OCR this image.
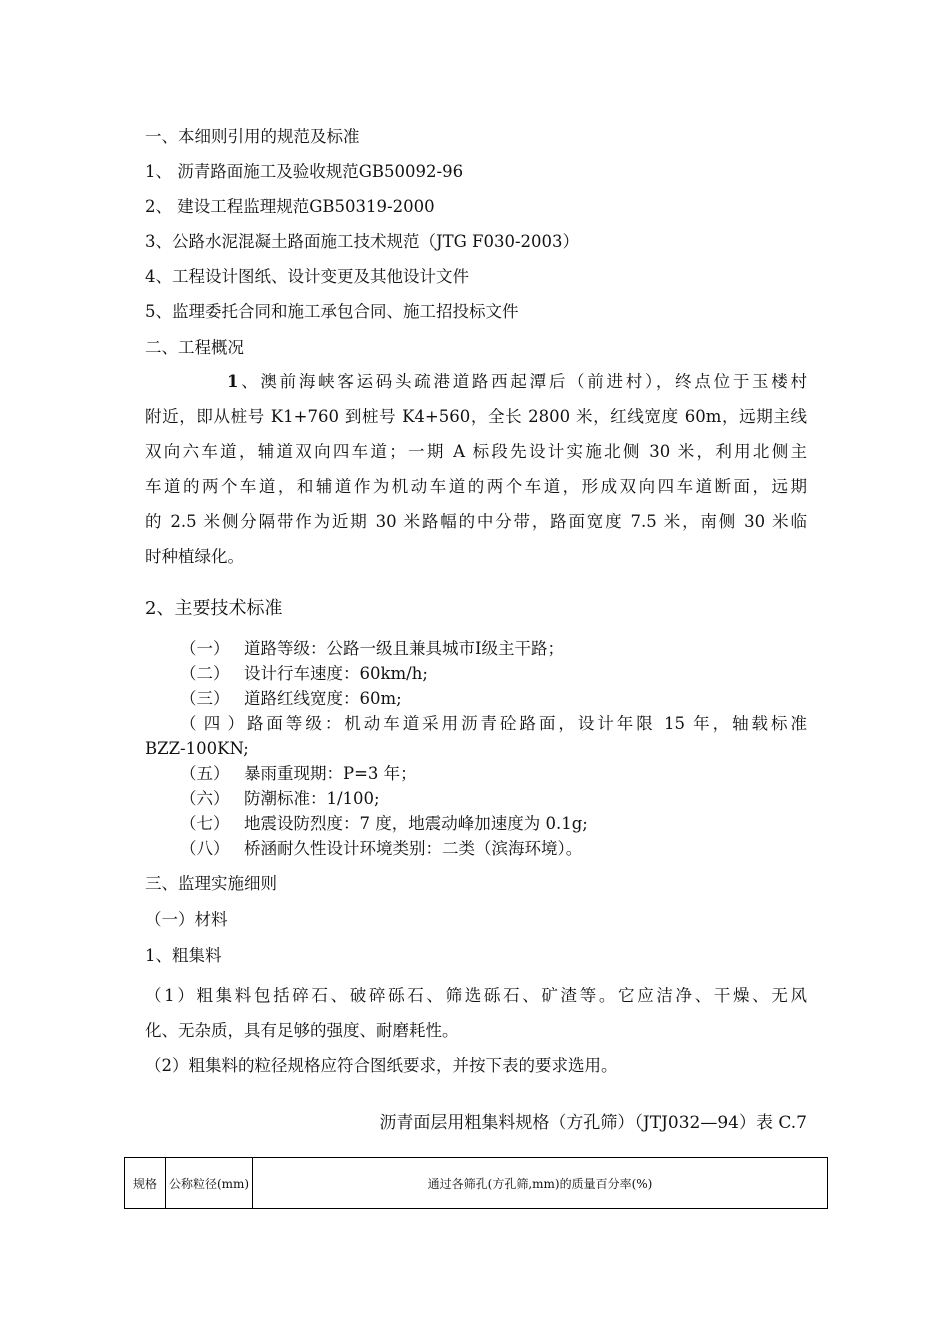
一、本细则引用的规范及标准
1、 沥青路面施工及验收规范GB50092-96
2、 建设工程监理规范GB50319-2000
3、公路水泥混凝土路面施工技术规范（JTG F030-2003）
4、工程设计图纸、设计变更及其他设计文件
5、监理委托合同和施工承包合同、施工招投标文件
二、工程概况
1、澳前海峡客运码头疏港道路西起潭后（前进村），终点位于玉楼村
附近，即从桩号 K1+760 到桩号 K4+560，全长 2800 米，红线宽度 60m，远期主线
双向六车道，辅道双向四车道；一期 A 标段先设计实施北侧 30 米，利用北侧主
车道的两个车道，和辅道作为机动车道的两个车道，形成双向四车道断面，远期
的 2.5 米侧分隔带作为近期 30 米路幅的中分带，路面宽度 7.5 米，南侧 30 米临
时种植绿化。
2、主要技术标准
（一） 道路等级：公路一级且兼具城市Ⅰ级主干路；
（二） 设计行车速度：60km/h;
（三） 道路红线宽度：60m;
（四）路面等级：机动车道采用沥青砼路面，设计年限 15 年，轴载标准
BZZ-100KN;
（五） 暴雨重现期：P=3 年；
（六） 防潮标准：1/100;
（七） 地震设防烈度：7 度，地震动峰加速度为 0.1g;
（八） 桥涵耐久性设计环境类别：二类（滨海环境）。
三、监理实施细则
（一）材料
1、粗集料
（1）粗集料包括碎石、破碎砾石、筛选砾石、矿渣等。它应洁净、干燥、无风
化、无杂质，具有足够的强度、耐磨耗性。
（2）粗集料的粒径规格应符合图纸要求，并按下表的要求选用。
沥青面层用粗集料规格（方孔筛）（JTJ032—94）表 C.7
规格	公称粒径(mm)	通过各筛孔(方孔筛,mm)的质量百分率(%)
